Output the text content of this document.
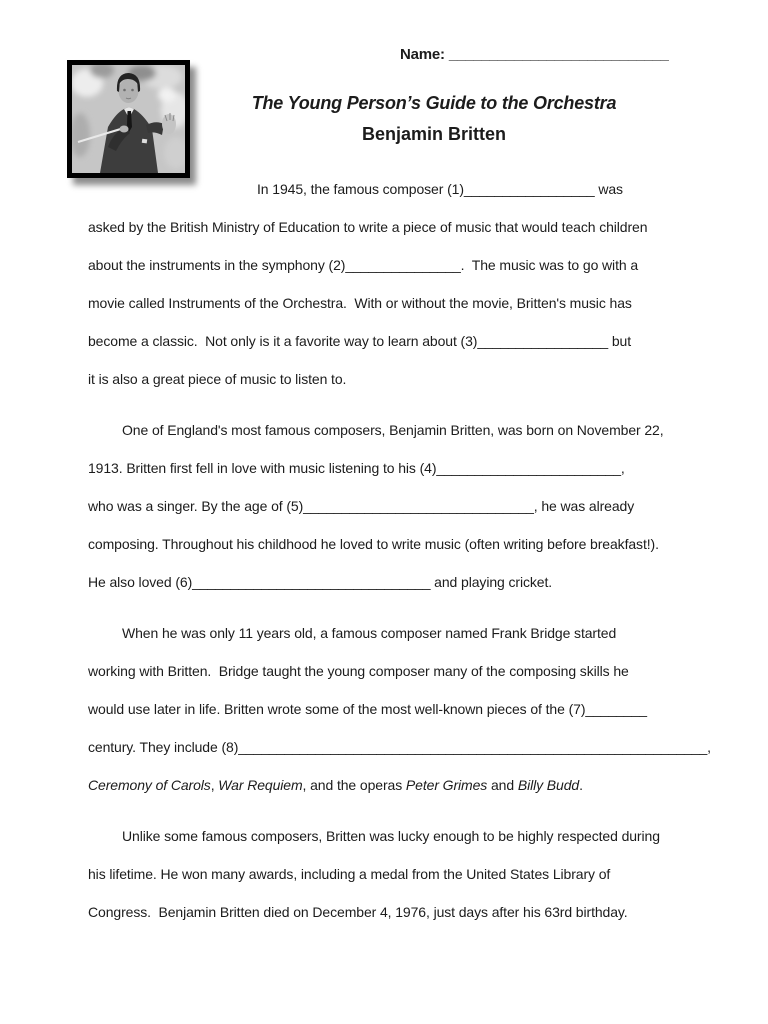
Name: ___________________________
The Young Person’s Guide to the Orchestra
Benjamin Britten
In 1945, the famous composer (1)_________________ was
asked by the British Ministry of Education to write a piece of music that would teach children
about the instruments in the symphony (2)_______________.  The music was to go with a
movie called Instruments of the Orchestra.  With or without the movie, Britten's music has
become a classic.  Not only is it a favorite way to learn about (3)_________________ but
it is also a great piece of music to listen to.
One of England's most famous composers, Benjamin Britten, was born on November 22,
1913. Britten first fell in love with music listening to his (4)________________________,
who was a singer. By the age of (5)______________________________, he was already
composing. Throughout his childhood he loved to write music (often writing before breakfast!).
He also loved (6)_______________________________ and playing cricket.
When he was only 11 years old, a famous composer named Frank Bridge started
working with Britten.  Bridge taught the young composer many of the composing skills he
would use later in life. Britten wrote some of the most well-known pieces of the (7)________
century. They include (8)_____________________________________________________________,
Ceremony of Carols, War Requiem, and the operas Peter Grimes and Billy Budd.
Unlike some famous composers, Britten was lucky enough to be highly respected during
his lifetime. He won many awards, including a medal from the United States Library of
Congress.  Benjamin Britten died on December 4, 1976, just days after his 63rd birthday.
